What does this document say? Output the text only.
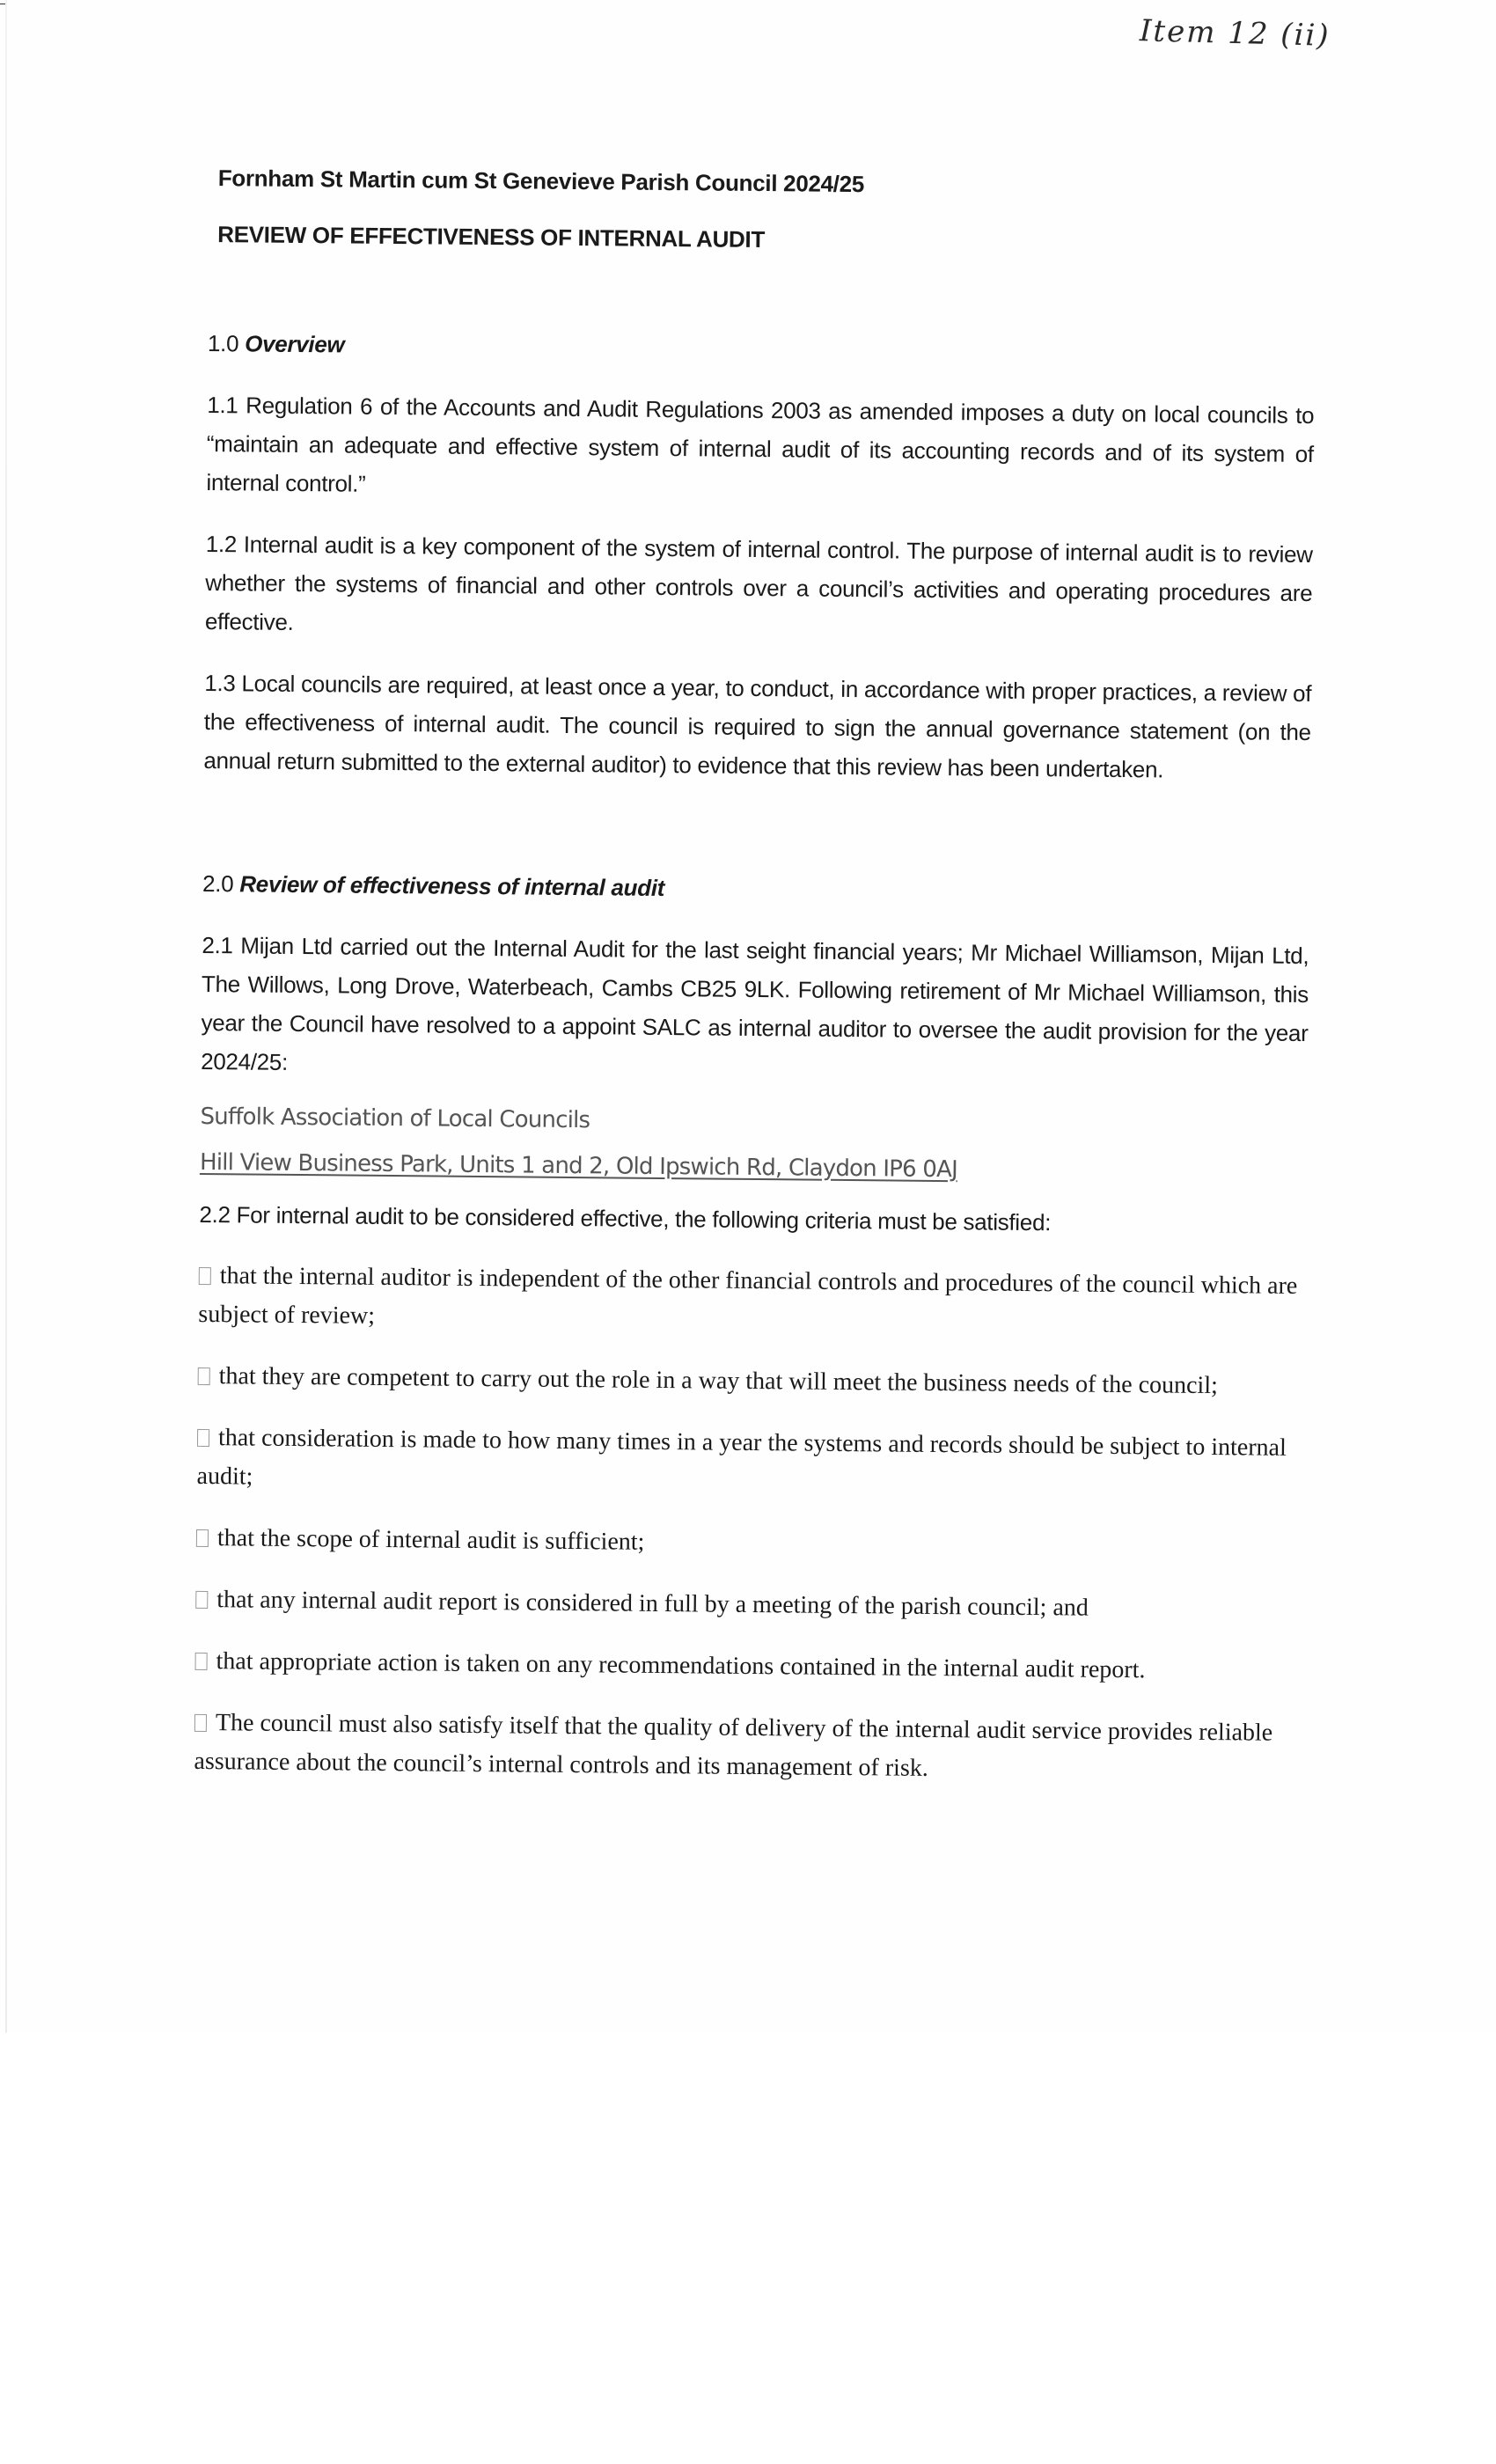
Item 12 (ii)
Fornham St Martin cum St Genevieve Parish Council 2024/25
REVIEW OF EFFECTIVENESS OF INTERNAL AUDIT
1.0 Overview

1.1 Regulation 6 of the Accounts and Audit Regulations 2003 as amended imposes a duty on local councils to “maintain an adequate and effective system of internal audit of its accounting records and of its system of internal control.”

1.2 Internal audit is a key component of the system of internal control. The purpose of internal audit is to review whether the systems of financial and other controls over a council’s activities and operating procedures are effective.

1.3 Local councils are required, at least once a year, to conduct, in accordance with proper practices, a review of the effectiveness of internal audit. The council is required to sign the annual governance statement (on the annual return submitted to the external auditor) to evidence that this review has been undertaken.

2.0 Review of effectiveness of internal audit

2.1 Mijan Ltd carried out the Internal Audit for the last seight financial years; Mr Michael Williamson, Mijan Ltd, The Willows, Long Drove, Waterbeach, Cambs CB25 9LK. Following retirement of Mr Michael Williamson, this year the Council have resolved to a appoint SALC as internal auditor to oversee the audit provision for the year 2024/25:

Suffolk Association of Local Councils
Hill View Business Park, Units 1 and 2, Old Ipswich Rd, Claydon IP6 0AJ

2.2 For internal audit to be considered effective, the following criteria must be satisfied:

that the internal auditor is independent of the other financial controls and procedures of the council which are subject of review;
that they are competent to carry out the role in a way that will meet the business needs of the council;
that consideration is made to how many times in a year the systems and records should be subject to internal audit;
that the scope of internal audit is sufficient;
that any internal audit report is considered in full by a meeting of the parish council; and
that appropriate action is taken on any recommendations contained in the internal audit report.
The council must also satisfy itself that the quality of delivery of the internal audit service provides reliable assurance about the council’s internal controls and its management of risk.
